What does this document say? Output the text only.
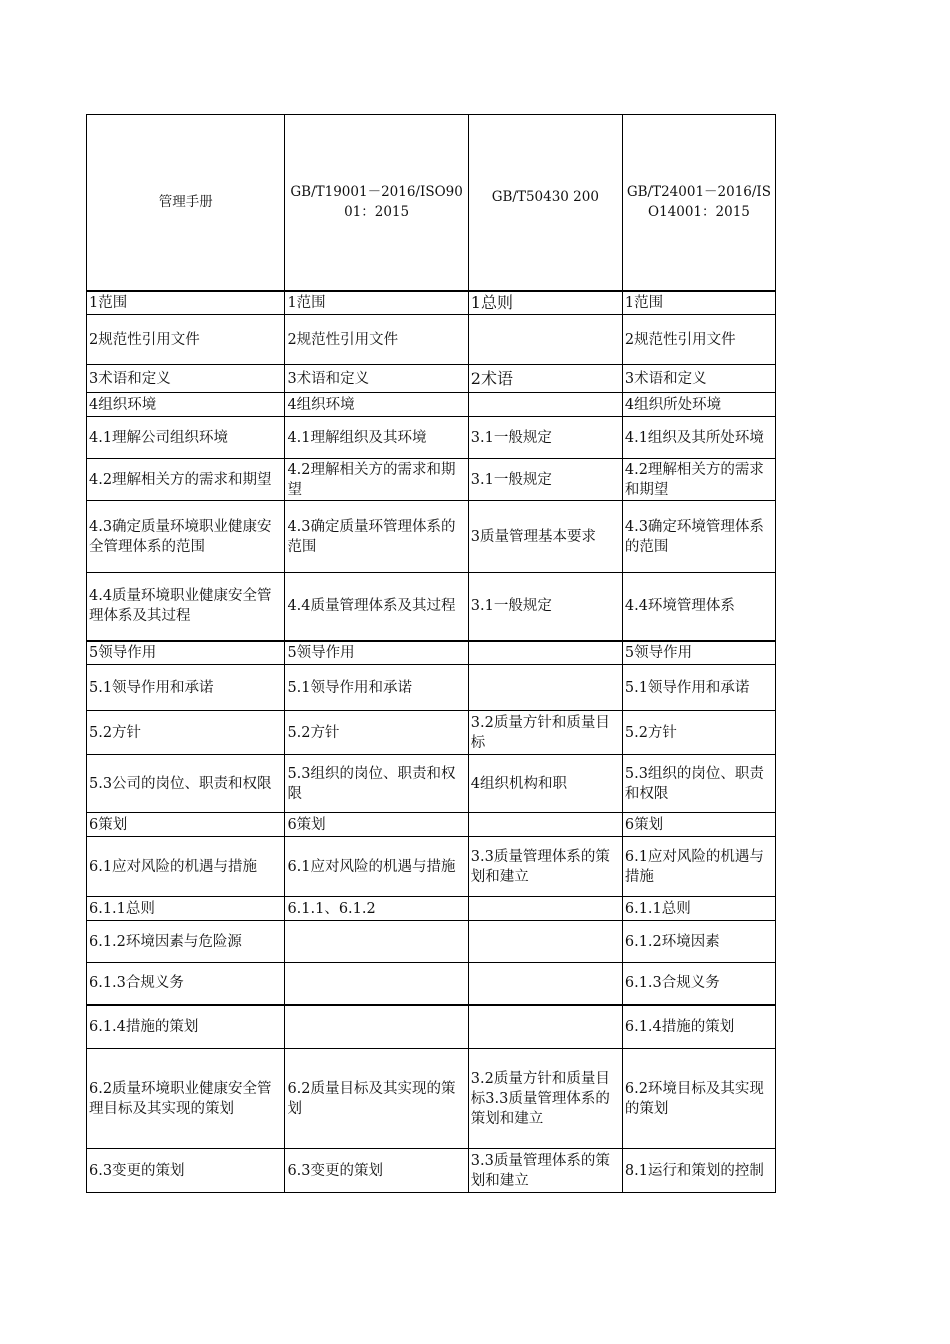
管理手册	GB/T19001－2016/ISO9001：2015	GB/T50430 200	GB/T24001－2016/ISO14001：2015
1范围	1范围	1总则	1范围
2规范性引用文件	2规范性引用文件		2规范性引用文件
3术语和定义	3术语和定义	2术语	3术语和定义
4组织环境	4组织环境		4组织所处环境
4.1理解公司组织环境	4.1理解组织及其环境	3.1一般规定	4.1组织及其所处环境
4.2理解相关方的需求和期望	4.2理解相关方的需求和期望	3.1一般规定	4.2理解相关方的需求和期望
4.3确定质量环境职业健康安全管理体系的范围	4.3确定质量环管理体系的范围	3质量管理基本要求	4.3确定环境管理体系的范围
4.4质量环境职业健康安全管理体系及其过程	4.4质量管理体系及其过程	3.1一般规定	4.4环境管理体系
5领导作用	5领导作用		5领导作用
5.1领导作用和承诺	5.1领导作用和承诺		5.1领导作用和承诺
5.2方针	5.2方针	3.2质量方针和质量目标	5.2方针
5.3公司的岗位、职责和权限	5.3组织的岗位、职责和权限	4组织机构和职	5.3组织的岗位、职责和权限
6策划	6策划		6策划
6.1应对风险的机遇与措施	6.1应对风险的机遇与措施	3.3质量管理体系的策划和建立	6.1应对风险的机遇与措施
6.1.1总则	6.1.1、6.1.2		6.1.1总则
6.1.2环境因素与危险源			6.1.2环境因素
6.1.3合规义务			6.1.3合规义务
6.1.4措施的策划			6.1.4措施的策划
6.2质量环境职业健康安全管理目标及其实现的策划	6.2质量目标及其实现的策划	3.2质量方针和质量目标3.3质量管理体系的策划和建立	6.2环境目标及其实现的策划
6.3变更的策划	6.3变更的策划	3.3质量管理体系的策划和建立	8.1运行和策划的控制
